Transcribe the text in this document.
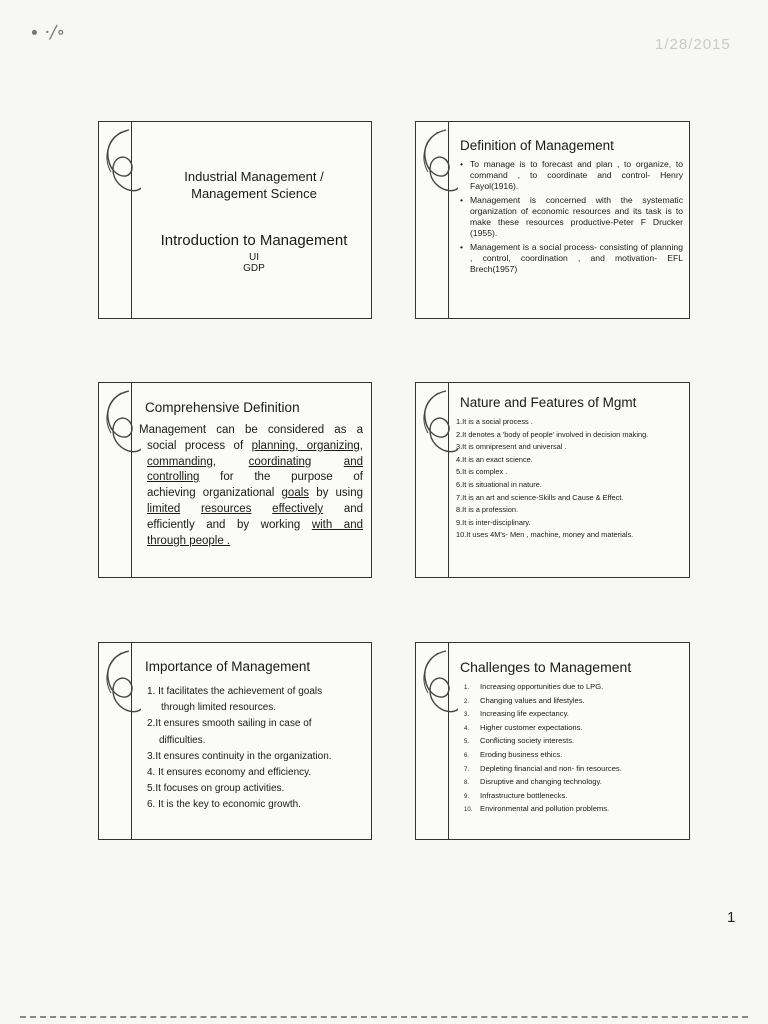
∙ ·∕∘
1/28/2015
Industrial Management /
Management Science
Introduction to Management
UI
GDP
Definition of Management
• To manage is to forecast and plan , to organize, to command , to coordinate and control- Henry Fayol(1916).
• Management is concerned with the systematic organization of economic resources and its task is to make these resources productive-Peter F Drucker (1955).
• Management is a social process- consisting of planning , control, coordination , and motivation- EFL Brech(1957)
Comprehensive Definition
Management can be considered as a
social process of planning, organizing,
commanding,	coordinating	and
controlling for the purpose of
achieving organizational goals by using
limited resources effectively and
efficiently and by working with and
through people .
Nature and Features of Mgmt
1.It is a social process .
2.It denotes a 'body of people' involved in decision making.
3.It is omnipresent and universal .
4.It is an exact science.
5.It is complex .
6.It is situational in nature.
7.It is an art and science-Skills and Cause & Effect.
8.It is a profession.
9.It is inter-disciplinary.
10.It uses 4M's- Men , machine, money and materials.
Importance of Management
1. It facilitates the achievement of goals
through limited resources.
2.It ensures smooth sailing in case of
difficulties.
3.It ensures continuity in the organization.
4. It ensures economy and efficiency.
5.It focuses on group activities.
6. It is the key to economic growth.
Challenges to Management
1. Increasing opportunities due to LPG.
2. Changing values and lifestyles.
3. Increasing life expectancy.
4. Higher customer expectations.
5. Conflicting society interests.
6. Eroding business ethics.
7. Depleting financial and non- fin resources.
8. Disruptive and changing technology.
9. Infrastructure bottlenecks.
10. Environmental and pollution problems.
1
